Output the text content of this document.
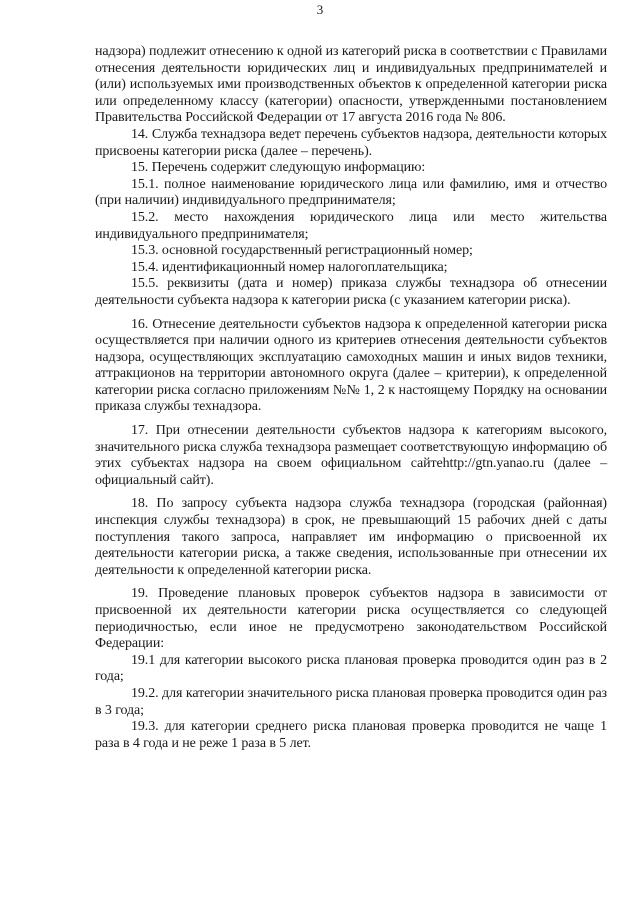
3

надзора) подлежит отнесению к одной из категорий риска в соответствии с Правилами отнесения деятельности юридических лиц и индивидуальных предпринимателей и (или) используемых ими производственных объектов к определенной категории риска или определенному классу (категории) опасности, утвержденными постановлением Правительства Российской Федерации от 17 августа 2016 года № 806.

14. Служба технадзора ведет перечень субъектов надзора, деятельности которых присвоены категории риска (далее – перечень).

15. Перечень содержит следующую информацию:

15.1. полное наименование юридического лица или фамилию, имя и отчество (при наличии) индивидуального предпринимателя;

15.2. место нахождения юридического лица или место жительства индивидуального предпринимателя;

15.3. основной государственный регистрационный номер;

15.4. идентификационный номер налогоплательщика;

15.5. реквизиты (дата и номер) приказа службы технадзора об отнесении деятельности субъекта надзора к категории риска (с указанием категории риска).

16. Отнесение деятельности субъектов надзора к определенной категории риска осуществляется при наличии одного из критериев отнесения деятельности субъектов надзора, осуществляющих эксплуатацию самоходных машин и иных видов техники, аттракционов на территории автономного округа (далее – критерии), к определенной категории риска согласно приложениям №№ 1, 2 к настоящему Порядку на основании приказа службы технадзора.

17. При отнесении деятельности субъектов надзора к категориям высокого, значительного риска служба технадзора размещает соответствующую информацию об этих субъектах надзора на своем официальном сайтеhttp://gtn.yanao.ru (далее – официальный сайт).

18. По запросу субъекта надзора служба технадзора (городская (районная) инспекция службы технадзора) в срок, не превышающий 15 рабочих дней с даты поступления такого запроса, направляет им информацию о присвоенной их деятельности категории риска, а также сведения, использованные при отнесении их деятельности к определенной категории риска.

19. Проведение плановых проверок субъектов надзора в зависимости от присвоенной их деятельности категории риска осуществляется со следующей периодичностью, если иное не предусмотрено законодательством Российской Федерации:

19.1 для категории высокого риска плановая проверка проводится один раз в 2 года;

19.2. для категории значительного риска плановая проверка проводится один раз в 3 года;

19.3. для категории среднего риска плановая проверка проводится не чаще 1 раза в 4 года и не реже 1 раза в 5 лет.
